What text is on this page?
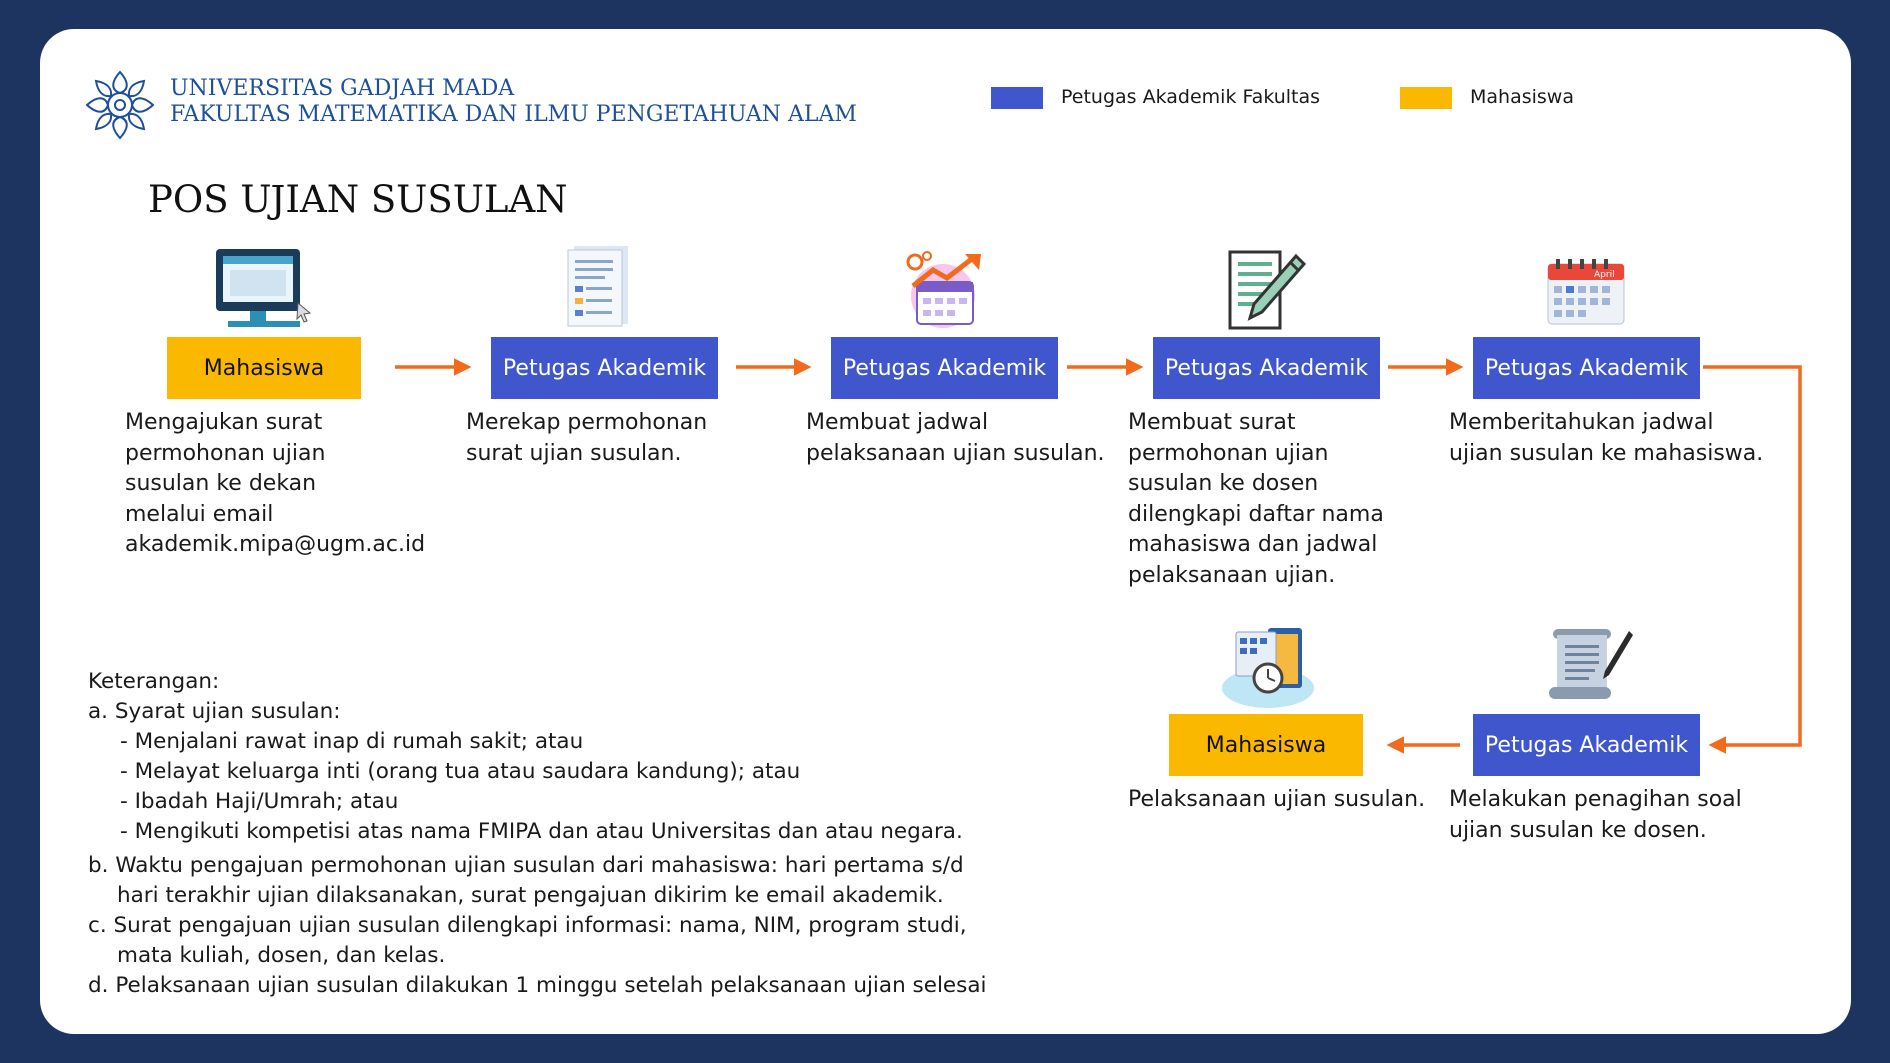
UNIVERSITAS GADJAH MADA
FAKULTAS MATEMATIKA DAN ILMU PENGETAHUAN ALAM
Petugas Akademik Fakultas	Mahasiswa
POS UJIAN SUSULAN
April
Mahasiswa	Petugas Akademik	Petugas Akademik	Petugas Akademik	Petugas Akademik
Petugas Akademik
Mahasiswa
Mengajukan surat
permohonan ujian
susulan ke dekan
melalui email
akademik.mipa@ugm.ac.id
Merekap permohonan
surat ujian susulan.
Membuat jadwal
pelaksanaan ujian susulan.
Membuat surat
permohonan ujian
susulan ke dosen
dilengkapi daftar nama
mahasiswa dan jadwal
pelaksanaan ujian.
Memberitahukan jadwal
ujian susulan ke mahasiswa.
Melakukan penagihan soal
ujian susulan ke dosen.
Pelaksanaan ujian susulan.
Keterangan:
a. Syarat ujian susulan:
- Menjalani rawat inap di rumah sakit; atau
- Melayat keluarga inti (orang tua atau saudara kandung); atau
- Ibadah Haji/Umrah; atau
- Mengikuti kompetisi atas nama FMIPA dan atau Universitas dan atau negara.
b. Waktu pengajuan permohonan ujian susulan dari mahasiswa: hari pertama s/d
hari terakhir ujian dilaksanakan, surat pengajuan dikirim ke email akademik.
c. Surat pengajuan ujian susulan dilengkapi informasi: nama, NIM, program studi,
mata kuliah, dosen, dan kelas.
d. Pelaksanaan ujian susulan dilakukan 1 minggu setelah pelaksanaan ujian selesai
